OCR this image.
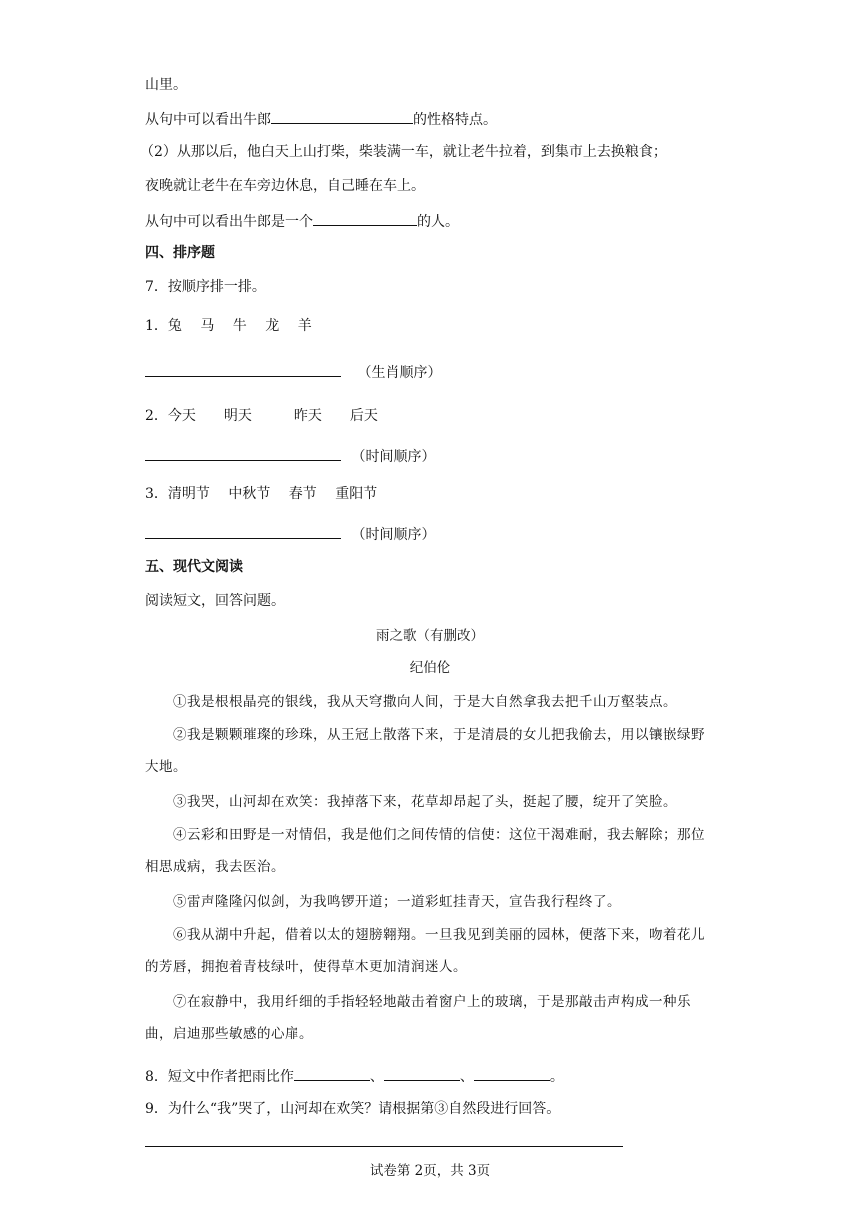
山里。
从句中可以看出牛郎	的性格特点。
（2）从那以后，他白天上山打柴，柴装满一车，就让老牛拉着，到集市上去换粮食；
夜晚就让老牛在车旁边休息，自己睡在车上。
从句中可以看出牛郎是一个	的人。
四、排序题
7．按顺序排一排。
1．兔　 马　 牛　 龙　 羊
（生肖顺序）
2．今天　　明天　　　昨天　　后天
（时间顺序）
3．清明节　 中秋节　 春节　 重阳节
（时间顺序）
五、现代文阅读
阅读短文，回答问题。
雨之歌（有删改）
纪伯伦
①我是根根晶亮的银线，我从天穹撒向人间，于是大自然拿我去把千山万壑装点。
②我是颗颗璀璨的珍珠，从王冠上散落下来，于是清晨的女儿把我偷去，用以镶嵌绿野大地。
③我哭，山河却在欢笑：我掉落下来，花草却昂起了头，挺起了腰，绽开了笑脸。
④云彩和田野是一对情侣，我是他们之间传情的信使：这位干渴难耐，我去解除；那位相思成病，我去医治。
⑤雷声隆隆闪似剑，为我鸣锣开道；一道彩虹挂青天，宣告我行程终了。
⑥我从湖中升起，借着以太的翅膀翱翔。一旦我见到美丽的园林，便落下来，吻着花儿的芳唇，拥抱着青枝绿叶，使得草木更加清润迷人。
⑦在寂静中，我用纤细的手指轻轻地敲击着窗户上的玻璃，于是那敲击声构成一种乐曲，启迪那些敏感的心扉。
8．短文中作者把雨比作	、	、	。
9．为什么“我”哭了，山河却在欢笑？请根据第③自然段进行回答。
试卷第 2页，共 3页
